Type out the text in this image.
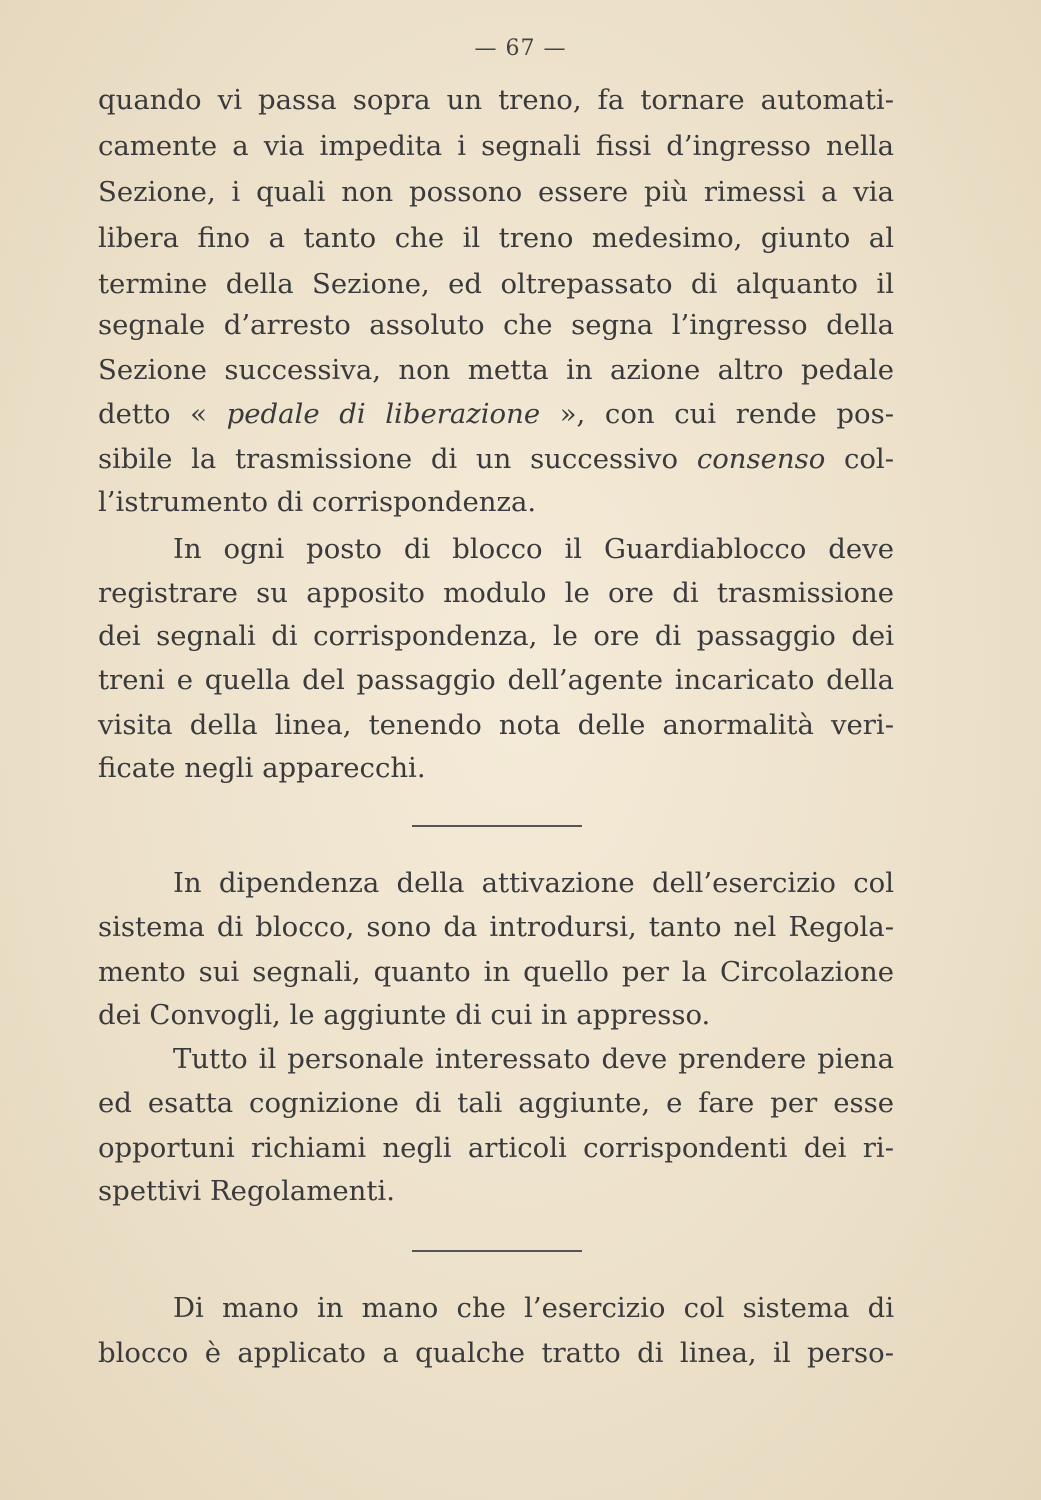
— 67 —
quando vi passa sopra un treno, fa tornare automati-
camente a via impedita i segnali fissi d’ingresso nella
Sezione, i quali non possono essere più rimessi a via
libera fino a tanto che il treno medesimo, giunto al
termine della Sezione, ed oltrepassato di alquanto il
segnale d’arresto assoluto che segna l’ingresso della
Sezione successiva, non metta in azione altro pedale
detto « pedale di liberazione », con cui rende pos-
sibile la trasmissione di un successivo consenso col-
l’istrumento di corrispondenza.
In ogni posto di blocco il Guardiablocco deve
registrare su apposito modulo le ore di trasmissione
dei segnali di corrispondenza, le ore di passaggio dei
treni e quella del passaggio dell’agente incaricato della
visita della linea, tenendo nota delle anormalità veri-
ficate negli apparecchi.
In dipendenza della attivazione dell’esercizio col
sistema di blocco, sono da introdursi, tanto nel Regola-
mento sui segnali, quanto in quello per la Circolazione
dei Convogli, le aggiunte di cui in appresso.
Tutto il personale interessato deve prendere piena
ed esatta cognizione di tali aggiunte, e fare per esse
opportuni richiami negli articoli corrispondenti dei ri-
spettivi Regolamenti.
Di mano in mano che l’esercizio col sistema di
blocco è applicato a qualche tratto di linea, il perso-
